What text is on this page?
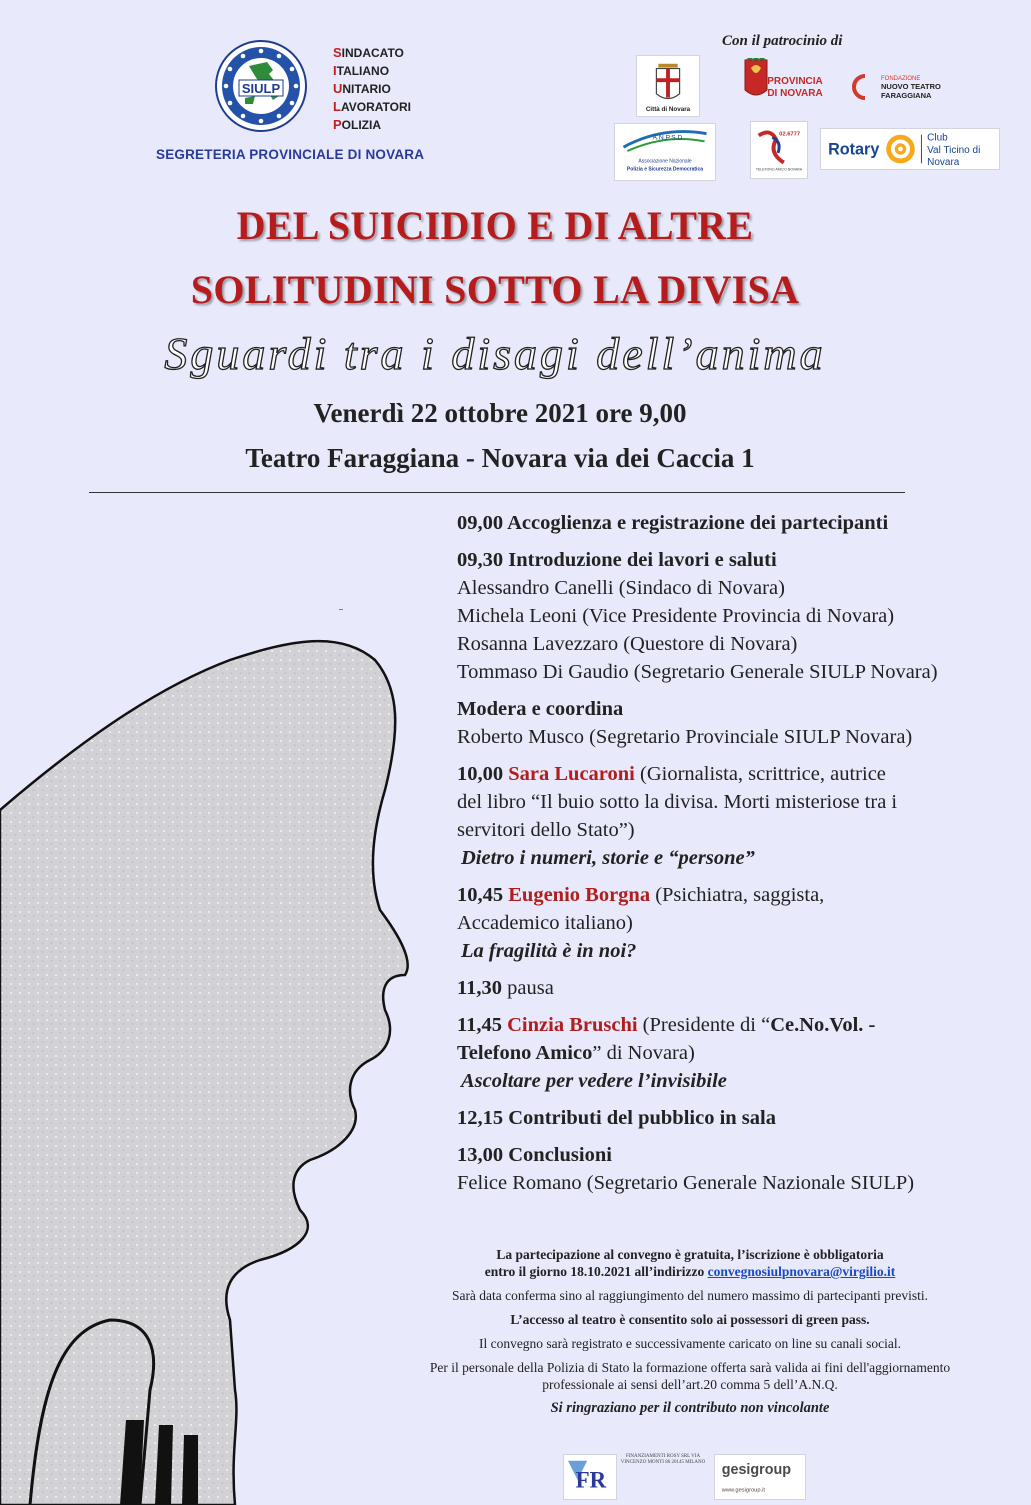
SIULP
SINDACATO
ITALIANO
UNITARIO
LAVORATORI
POLIZIA
SEGRETERIA PROVINCIALE DI NOVARA
Con il patrocinio di
Città di Novara
PROVINCIA
DI NOVARA
FONDAZIONE
NUOVO TEATRO
FARAGGIANA
A.N.P.S.D.
Associazione Nazionale
Polizia e Sicurezza Democratica
02.6777
TELEFONO AMICO NOVARA
Rotary
Club
Val Ticino di
Novara
DEL SUICIDIO E DI ALTRE
SOLITUDINI SOTTO LA DIVISA
Sguardi tra i disagi dell’anima
Venerdì 22 ottobre 2021 ore 9,00
Teatro Faraggiana - Novara via dei Caccia 1
09,00 Accoglienza e registrazione dei partecipanti
09,30 Introduzione dei lavori e saluti
Alessandro Canelli (Sindaco di Novara)
Michela Leoni (Vice Presidente Provincia di Novara)
Rosanna Lavezzaro (Questore di Novara)
Tommaso Di Gaudio (Segretario Generale SIULP Novara)
Modera e coordina
Roberto Musco (Segretario Provinciale SIULP Novara)
10,00 Sara Lucaroni (Giornalista, scrittrice, autrice
del libro “Il buio sotto la divisa. Morti misteriose tra i
servitori dello Stato”)
Dietro i numeri, storie e “persone”
10,45 Eugenio Borgna (Psichiatra, saggista,
Accademico italiano)
La fragilità è in noi?
11,30 pausa
11,45 Cinzia Bruschi (Presidente di “Ce.No.Vol. -
Telefono Amico” di Novara)
Ascoltare per vedere l’invisibile
12,15 Contributi del pubblico in sala
13,00 Conclusioni
Felice Romano (Segretario Generale Nazionale SIULP)

La partecipazione al convegno è gratuita, l’iscrizione è obbligatoria
entro il giorno 18.10.2021 all’indirizzo convegnosiulpnovara@virgilio.it

Sarà data conferma sino al raggiungimento del numero massimo di partecipanti previsti.

L’accesso al teatro è consentito solo ai possessori di green pass.

Il convegno sarà registrato e successivamente caricato on line su canali social.

Per il personale della Polizia di Stato la formazione offerta sarà valida ai fini dell'aggiornamento
professionale ai sensi dell’art.20 comma 5 dell’A.N.Q.

Si ringraziano per il contributo non vincolante
FR
FINANZIAMENTI ROSY SRL VIA VINCENZO MONTI 86 20145 MILANO gesigroup
www.gesigroup.it
